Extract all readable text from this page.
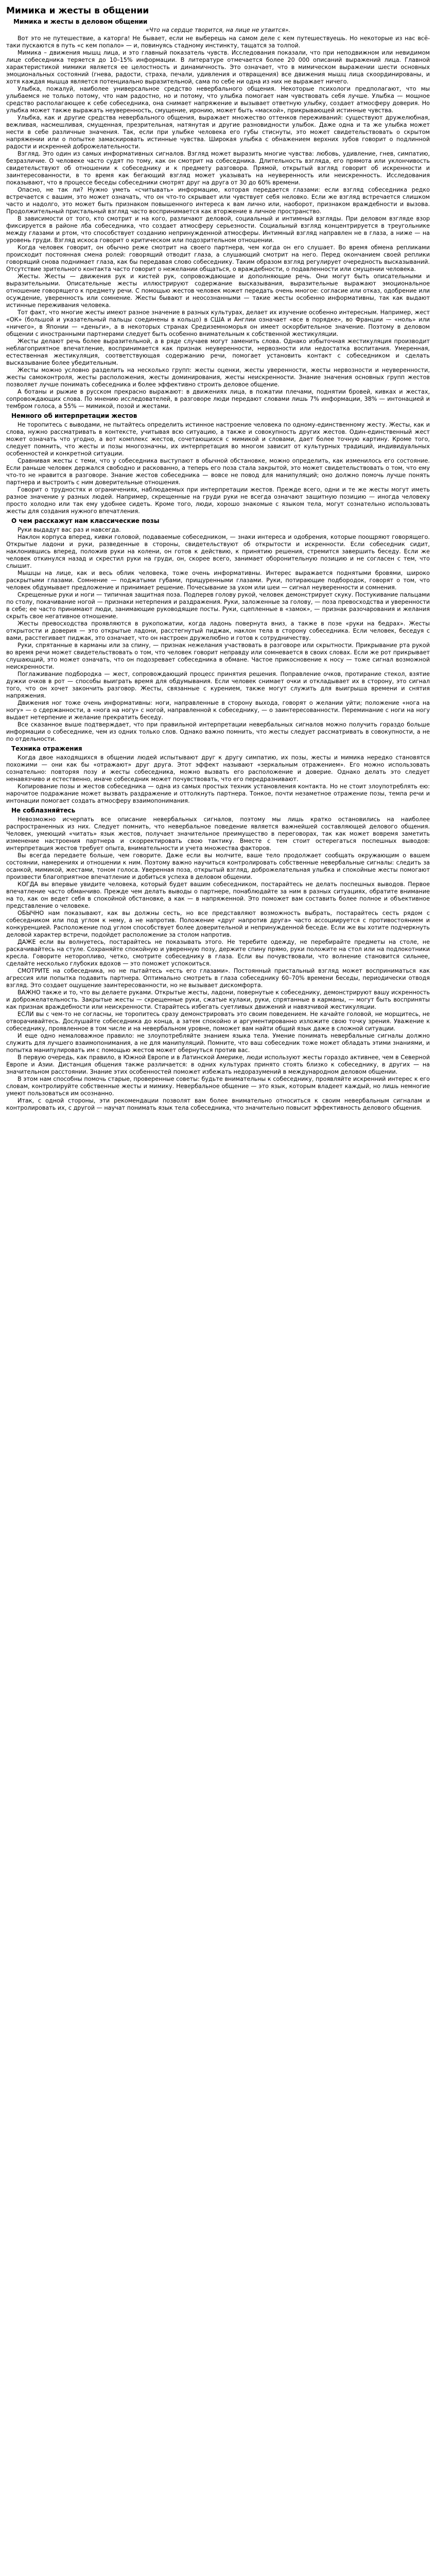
Мимика и жесты в общении
Мимика и жесты в деловом общении
«Что на сердце творится, на лице не утаится».

Вот это не путешествие, а каторга! Не бывает, если не выберешь на самом деле с кем путешествуешь. Но некоторые из нас всё-таки пускаются в путь «с кем попало» — и, повинуясь стадному инстинкту, тащатся за толпой.

Мимика – движения мышц лица, и это главный показатель чувств. Исследования показали, что при неподвижном или невидимом лице собеседника теряется до 10–15% информации. В литературе отмечается более 20 000 описаний выражений лица. Главной характеристикой мимики является ее целостность и динамичность. Это означает, что в мимическом выражении шести основных эмоциональных состояний (гнева, радости, страха, печали, удивления и отвращения) все движения мышц лица скоординированы, и хотя каждая мышца является потенциально выразительной, сама по себе ни одна из них не выражает ничего.

Улыбка, пожалуй, наиболее универсальное средство невербального общения. Некоторые психологи предполагают, что мы улыбаемся не только потому, что нам радостно, но и потому, что улыбка помогает нам чувствовать себя лучше. Улыбка — мощное средство располагающее к себе собеседника, она снимает напряжение и вызывает ответную улыбку, создает атмосферу доверия. Но улыбка может также выражать неуверенность, смущение, иронию, может быть «маской», прикрывающей истинные чувства.

Улыбка, как и другие средства невербального общения, выражает множество оттенков переживаний: существуют дружелюбная, вежливая, насмешливая, смущенная, презрительная, натянутая и другие разновидности улыбок. Даже одна и та же улыбка может нести в себе различные значения. Так, если при улыбке человека его губы стиснуты, это может свидетельствовать о скрытом напряжении или о попытке замаскировать истинные чувства. Широкая улыбка с обнажением верхних зубов говорит о подлинной радости и искренней доброжелательности.

Взгляд. Это один из самых информативных сигналов. Взгляд может выразить многие чувства: любовь, удивление, гнев, симпатию, безразличие. О человеке часто судят по тому, как он смотрит на собеседника. Длительность взгляда, его прямота или уклончивость свидетельствуют об отношении к собеседнику и к предмету разговора. Прямой, открытый взгляд говорит об искренности и заинтересованности, в то время как бегающий взгляд может указывать на неуверенность или неискренность. Исследования показывают, что в процессе беседы собеседники смотрят друг на друга от 30 до 60% времени.

Опасно, не так ли? Нужно уметь «считывать» информацию, которая передается глазами: если взгляд собеседника редко встречается с вашим, это может означать, что он что-то скрывает или чувствует себя неловко. Если же взгляд встречается слишком часто и надолго, это может быть признаком повышенного интереса к вам лично или, наоборот, признаком враждебности и вызова. Продолжительный пристальный взгляд часто воспринимается как вторжение в личное пространство.

В зависимости от того, кто смотрит и на кого, различают деловой, социальный и интимный взгляды. При деловом взгляде взор фиксируется в районе лба собеседника, что создает атмосферу серьезности. Социальный взгляд концентрируется в треугольнике между глазами и ртом, что способствует созданию непринужденной атмосферы. Интимный взгляд направлен не в глаза, а ниже — на уровень груди. Взгляд искоса говорит о критическом или подозрительном отношении.

Когда человек говорит, он обычно реже смотрит на своего партнера, чем когда он его слушает. Во время обмена репликами происходит постоянная смена ролей: говорящий отводит глаза, а слушающий смотрит на него. Перед окончанием своей реплики говорящий снова поднимает глаза, как бы передавая слово собеседнику. Таким образом взгляд регулирует очередность высказываний. Отсутствие зрительного контакта часто говорит о нежелании общаться, о враждебности, о подавленности или смущении человека.

Жесты. Жесты — движения рук и кистей рук, сопровождающие и дополняющие речь. Они могут быть описательными и выразительными. Описательные жесты иллюстрируют содержание высказывания, выразительные выражают эмоциональное отношение говорящего к предмету речи. С помощью жестов человек может передать очень многое: согласие или отказ, одобрение или осуждение, уверенность или сомнение. Жесты бывают и неосознанными — такие жесты особенно информативны, так как выдают истинные переживания человека.

Тот факт, что многие жесты имеют разное значение в разных культурах, делает их изучение особенно интересным. Например, жест «ОК» (большой и указательный пальцы соединены в кольцо) в США и Англии означает «все в порядке», во Франции — «ноль» или «ничего», в Японии — «деньги», а в некоторых странах Средиземноморья он имеет оскорбительное значение. Поэтому в деловом общении с иностранными партнерами следует быть особенно внимательным к собственной жестикуляции.

Жесты делают речь более выразительной, а в ряде случаев могут заменить слова. Однако избыточная жестикуляция производит неблагоприятное впечатление, воспринимается как признак неуверенности, нервозности или недостатка воспитания. Умеренная, естественная жестикуляция, соответствующая содержанию речи, помогает установить контакт с собеседником и сделать высказывание более убедительным.

Жесты можно условно разделить на несколько групп: жесты оценки, жесты уверенности, жесты нервозности и неуверенности, жесты самоконтроля, жесты расположения, жесты доминирования, жесты неискренности. Знание значения основных групп жестов позволяет лучше понимать собеседника и более эффективно строить деловое общение.

А ботаны и рыжие в русском прекрасно выражают: в движениях лица, в пожатии плечами, поднятии бровей, кивках и жестах, сопровождающих слова. По мнению исследователей, в разговоре люди передают словами лишь 7% информации, 38% — интонацией и тембром голоса, а 55% — мимикой, позой и жестами.

Немного об интерпретации жестов

Не торопитесь с выводами, не пытайтесь определить истинное настроение человека по одному-единственному жесту. Жесты, как и слова, нужно рассматривать в контексте, учитывая всю ситуацию, а также и совокупность других жестов. Один-единственный жест может означать что угодно, а вот комплекс жестов, сочетающихся с мимикой и словами, дает более точную картину. Кроме того, следует помнить, что жесты и позы многозначны, их интерпретация во многом зависит от культурных традиций, индивидуальных особенностей и конкретной ситуации.

Сравнивая жесты с теми, что у собеседника выступают в обычной обстановке, можно определить, как изменилось его состояние. Если раньше человек держался свободно и раскованно, а теперь его поза стала закрытой, это может свидетельствовать о том, что ему что-то не нравится в разговоре. Знание жестов собеседника — вовсе не повод для манипуляций; оно должно помочь лучше понять партнера и выстроить с ним доверительные отношения.

Говорит о трудностях и ограничениях, наблюдаемых при интерпретации жестов. Прежде всего, одни и те же жесты могут иметь разное значение у разных людей. Например, скрещенные на груди руки не всегда означают защитную позицию — иногда человеку просто холодно или так ему удобнее сидеть. Кроме того, люди, хорошо знакомые с языком тела, могут сознательно использовать жесты для создания нужного впечатления.

О чем расскажут нам классические позы

Руки выдадут вас раз и навсегда.

Наклон корпуса вперед, кивки головой, подаваемые собеседником, — знаки интереса и одобрения, которые поощряют говорящего. Открытые ладони и руки, разведенные в стороны, свидетельствуют об открытости и искренности. Если собеседник сидит, наклонившись вперед, положив руки на колени, он готов к действию, к принятию решения, стремится завершить беседу. Если же человек откинулся назад и скрестил руки на груди, он, скорее всего, занимает оборонительную позицию и не согласен с тем, что слышит.

Мышцы на лице, как и весь облик человека, тоже очень информативны. Интерес выражается поднятыми бровями, широко раскрытыми глазами. Сомнение — поджатыми губами, прищуренными глазами. Руки, потирающие подбородок, говорят о том, что человек обдумывает предложение и принимает решение. Почесывание за ухом или шеи — сигнал неуверенности и сомнения.

Скрещенные руки и ноги — типичная защитная поза. Подперев голову рукой, человек демонстрирует скуку. Постукивание пальцами по столу, покачивание ногой — признаки нетерпения и раздражения. Руки, заложенные за голову, — поза превосходства и уверенности в себе; ее часто принимают люди, занимающие руководящие посты. Руки, сцепленные в «замок», — признак разочарования и желания скрыть свое негативное отношение.

Жесты превосходства проявляются в рукопожатии, когда ладонь повернута вниз, а также в позе «руки на бедрах». Жесты открытости и доверия — это открытые ладони, расстегнутый пиджак, наклон тела в сторону собеседника. Если человек, беседуя с вами, расстегивает пиджак, это означает, что он настроен дружелюбно и готов к сотрудничеству.

Руки, спрятанные в карманы или за спину, — признак нежелания участвовать в разговоре или скрытности. Прикрывание рта рукой во время речи может свидетельствовать о том, что человек говорит неправду или сомневается в своих словах. Если же рот прикрывает слушающий, это может означать, что он подозревает собеседника в обмане. Частое прикосновение к носу — тоже сигнал возможной неискренности.

Поглаживание подбородка — жест, сопровождающий процесс принятия решения. Поправление очков, протирание стекол, взятие дужки очков в рот — способы выиграть время для обдумывания. Если человек снимает очки и откладывает их в сторону, это сигнал того, что он хочет закончить разговор. Жесты, связанные с курением, также могут служить для выигрыша времени и снятия напряжения.

Движения ног тоже очень информативны: ноги, направленные в сторону выхода, говорят о желании уйти; положение «нога на ногу» — о сдержанности, а «нога на ногу» с ногой, направленной к собеседнику, — о заинтересованности. Переминание с ноги на ногу выдает нетерпение и желание прекратить беседу.

Все сказанное выше подтверждает, что при правильной интерпретации невербальных сигналов можно получить гораздо больше информации о собеседнике, чем из одних только слов. Однако важно помнить, что жесты следует рассматривать в совокупности, а не по отдельности.

Техника отражения

Когда двое находящихся в общении людей испытывают друг к другу симпатию, их позы, жесты и мимика нередко становятся похожими — они как бы «отражают» друг друга. Этот эффект называют «зеркальным отражением». Его можно использовать сознательно: повторяя позу и жесты собеседника, можно вызвать его расположение и доверие. Однако делать это следует ненавязчиво и естественно, иначе собеседник может почувствовать, что его передразнивают.

Копирование позы и жестов собеседника — одна из самых простых техник установления контакта. Но не стоит злоупотреблять ею: нарочитое подражание может вызвать раздражение и оттолкнуть партнера. Тонкое, почти незаметное отражение позы, темпа речи и интонации помогает создать атмосферу взаимопонимания.

Не соблазняйтесь

Невозможно исчерпать все описание невербальных сигналов, поэтому мы лишь кратко остановились на наиболее распространенных из них. Следует помнить, что невербальное поведение является важнейшей составляющей делового общения. Человек, умеющий «читать» язык жестов, получает значительное преимущество в переговорах, так как может вовремя заметить изменение настроения партнера и скорректировать свою тактику. Вместе с тем стоит остерегаться поспешных выводов: интерпретация жестов требует опыта, внимательности и учета множества факторов.

Вы всегда передаете больше, чем говорите. Даже если вы молчите, ваше тело продолжает сообщать окружающим о вашем состоянии, намерениях и отношении к ним. Поэтому важно научиться контролировать собственные невербальные сигналы: следить за осанкой, мимикой, жестами, тоном голоса. Уверенная поза, открытый взгляд, доброжелательная улыбка и спокойные жесты помогают произвести благоприятное впечатление и добиться успеха в деловом общении.

КОГДА вы впервые увидите человека, который будет вашим собеседником, постарайтесь не делать поспешных выводов. Первое впечатление часто обманчиво. Прежде чем делать выводы о партнере, понаблюдайте за ним в разных ситуациях, обратите внимание на то, как он ведет себя в спокойной обстановке, а как — в напряженной. Это поможет вам составить более полное и объективное представление о человеке.

ОБЫЧНО нам показывают, как вы должны сесть, но все представляют возможность выбрать, постарайтесь сесть рядом с собеседником или под углом к нему, а не напротив. Положение «друг напротив друга» часто ассоциируется с противостоянием и конкуренцией. Расположение под углом способствует более доверительной и непринужденной беседе. Если же вы хотите подчеркнуть деловой характер встречи, подойдет расположение за столом напротив.

ДАЖЕ если вы волнуетесь, постарайтесь не показывать этого. Не теребите одежду, не перебирайте предметы на столе, не раскачивайтесь на стуле. Сохраняйте спокойную и уверенную позу, держите спину прямо, руки положите на стол или на подлокотники кресла. Говорите неторопливо, четко, смотрите собеседнику в глаза. Если вы почувствовали, что волнение становится сильнее, сделайте несколько глубоких вдохов — это поможет успокоиться.

СМОТРИТЕ на собеседника, но не пытайтесь «есть его глазами». Постоянный пристальный взгляд может восприниматься как агрессия или попытка подавить партнера. Оптимально смотреть в глаза собеседнику 60–70% времени беседы, периодически отводя взгляд. Это создает ощущение заинтересованности, но не вызывает дискомфорта.

ВАЖНО также и то, что вы делаете руками. Открытые жесты, ладони, повернутые к собеседнику, демонстрируют вашу искренность и доброжелательность. Закрытые жесты — скрещенные руки, сжатые кулаки, руки, спрятанные в карманы, — могут быть восприняты как признак враждебности или неискренности. Старайтесь избегать суетливых движений и навязчивой жестикуляции.

ЕСЛИ вы с чем-то не согласны, не торопитесь сразу демонстрировать это своим поведением. Не качайте головой, не морщитесь, не отворачивайтесь. Дослушайте собеседника до конца, а затем спокойно и аргументированно изложите свою точку зрения. Уважение к собеседнику, проявленное в том числе и на невербальном уровне, поможет вам найти общий язык даже в сложной ситуации.

И еще одно немаловажное правило: не злоупотребляйте знанием языка тела. Умение понимать невербальные сигналы должно служить для лучшего взаимопонимания, а не для манипуляций. Помните, что ваш собеседник тоже может обладать этими знаниями, и попытка манипулировать им с помощью жестов может обернуться против вас.

В первую очередь, как правило, в Южной Европе и в Латинской Америке, люди используют жесты гораздо активнее, чем в Северной Европе и Азии. Дистанция общения также различается: в одних культурах принято стоять близко к собеседнику, в других — на значительном расстоянии. Знание этих особенностей поможет избежать недоразумений в международном деловом общении.

В этом нам способны помочь старые, проверенные советы: будьте внимательны к собеседнику, проявляйте искренний интерес к его словам, контролируйте собственные жесты и мимику. Невербальное общение — это язык, которым владеет каждый, но лишь немногие умеют пользоваться им осознанно.

Итак, с одной стороны, эти рекомендации позволят вам более внимательно относиться к своим невербальным сигналам и контролировать их, с другой — научат понимать язык тела собеседника, что значительно повысит эффективность делового общения.
